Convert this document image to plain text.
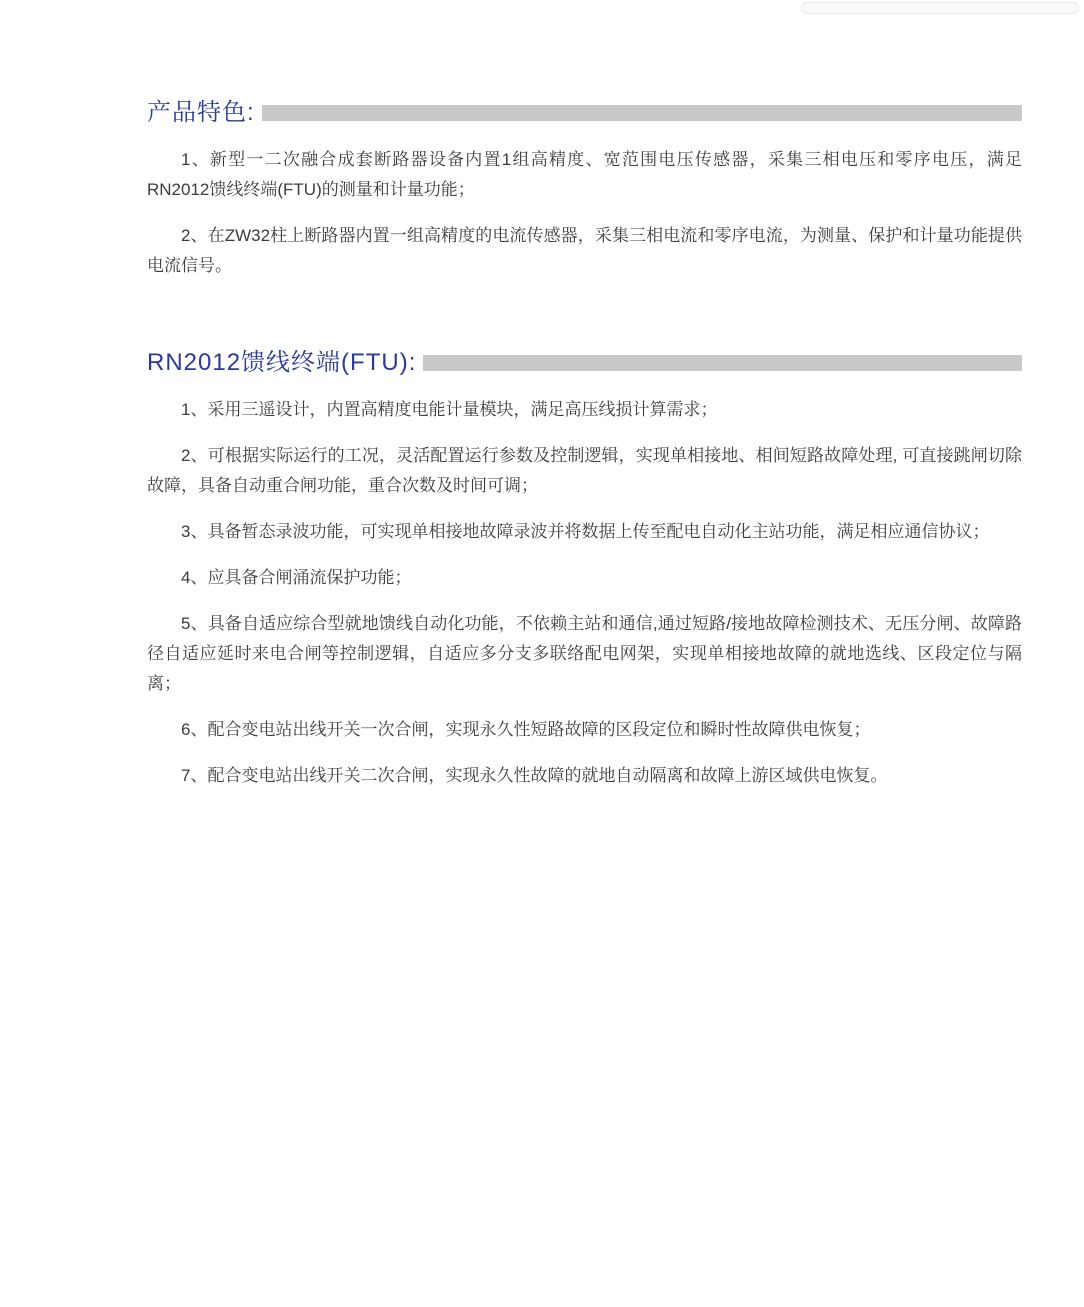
产品特色:

1、新型一二次融合成套断路器设备内置1组高精度、宽范围电压传感器，采集三相电压和零序电压，满足RN2012馈线终端(FTU)的测量和计量功能；

2、在ZW32柱上断路器内置一组高精度的电流传感器，采集三相电流和零序电流，为测量、保护和计量功能提供电流信号。

RN2012馈线终端(FTU):

1、采用三遥设计，内置高精度电能计量模块，满足高压线损计算需求；

2、可根据实际运行的工况，灵活配置运行参数及控制逻辑，实现单相接地、相间短路故障处理, 可直接跳闸切除故障，具备自动重合闸功能，重合次数及时间可调；

3、具备暂态录波功能，可实现单相接地故障录波并将数据上传至配电自动化主站功能，满足相应通信协议；

4、应具备合闸涌流保护功能；

5、具备自适应综合型就地馈线自动化功能，不依赖主站和通信,通过短路/接地故障检测技术、无压分闸、故障路径自适应延时来电合闸等控制逻辑，自适应多分支多联络配电网架，实现单相接地故障的就地选线、区段定位与隔离；

6、配合变电站出线开关一次合闸，实现永久性短路故障的区段定位和瞬时性故障供电恢复；

7、配合变电站出线开关二次合闸，实现永久性故障的就地自动隔离和故障上游区域供电恢复。
